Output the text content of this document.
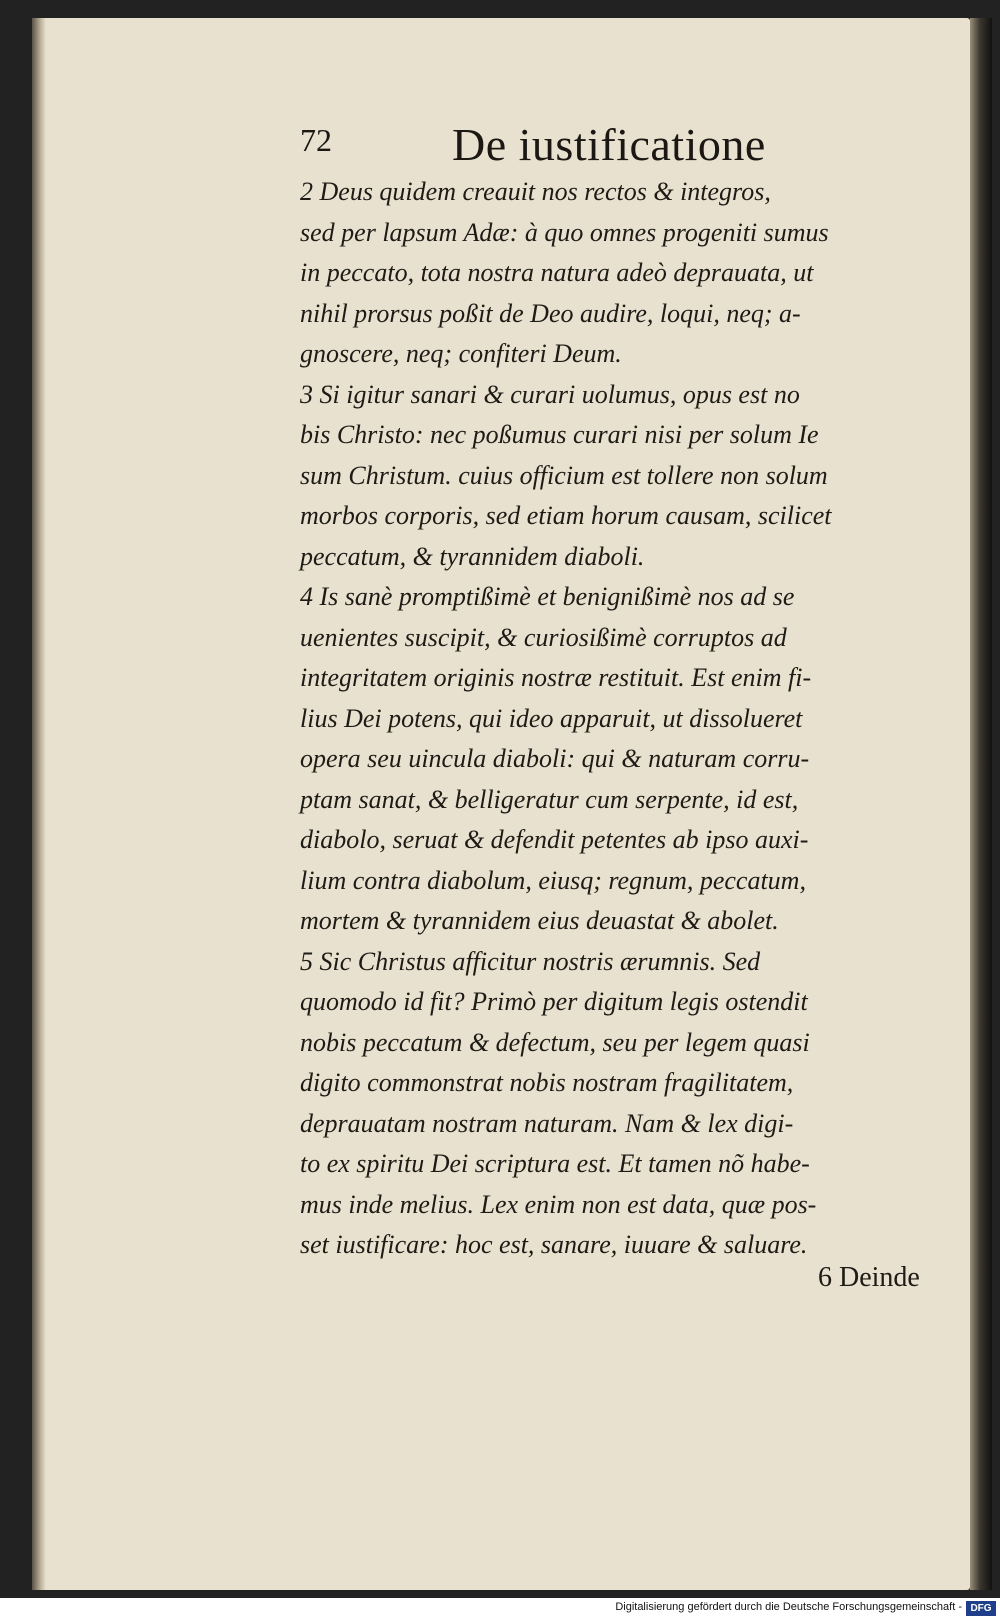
72	De iustificatione
2 Deus quidem creauit nos rectos & integros,
sed per lapsum Adæ: à quo omnes progeniti sumus
in peccato, tota nostra natura adeò deprauata, ut
nihil prorsus poßit de Deo audire, loqui, neq; a-
gnoscere, neq; confiteri Deum.
3 Si igitur sanari & curari uolumus, opus est no
bis Christo: nec poßumus curari nisi per solum Ie
sum Christum. cuius officium est tollere non solum
morbos corporis, sed etiam horum causam, scilicet
peccatum, & tyrannidem diaboli.
4 Is sanè promptißimè et benignißimè nos ad se
uenientes suscipit, & curiosißimè corruptos ad
integritatem originis nostræ restituit. Est enim fi-
lius Dei potens, qui ideo apparuit, ut dissolueret
opera seu uincula diaboli: qui & naturam corru-
ptam sanat, & belligeratur cum serpente, id est,
diabolo, seruat & defendit petentes ab ipso auxi-
lium contra diabolum, eiusq; regnum, peccatum,
mortem & tyrannidem eius deuastat & abolet.
5 Sic Christus afficitur nostris ærumnis. Sed
quomodo id fit? Primò per digitum legis ostendit
nobis peccatum & defectum, seu per legem quasi
digito commonstrat nobis nostram fragilitatem,
deprauatam nostram naturam. Nam & lex digi-
to ex spiritu Dei scriptura est. Et tamen nõ habe-
mus inde melius. Lex enim non est data, quæ pos-
set iustificare: hoc est, sanare, iuuare & saluare.
6 Deinde
Digitalisierung gefördert durch die Deutsche Forschungsgemeinschaft - DFG
